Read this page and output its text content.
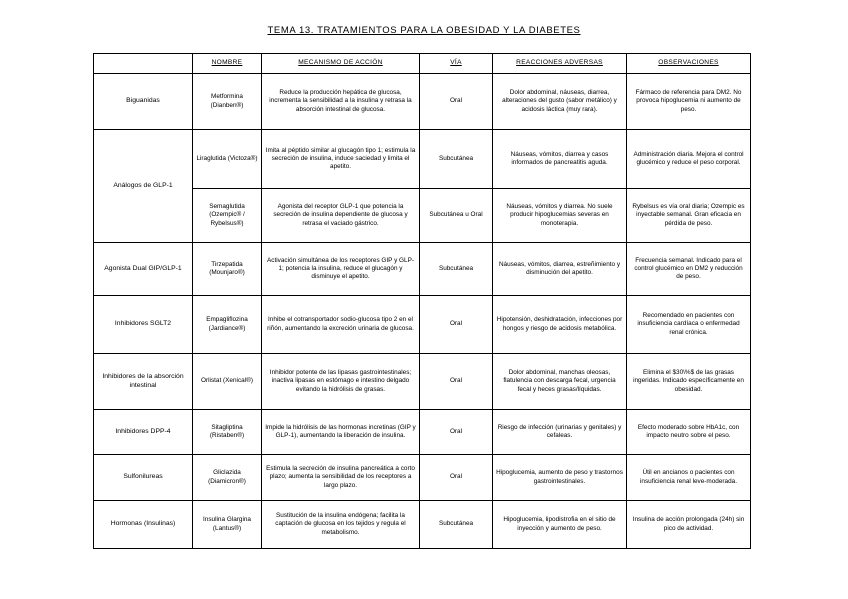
TEMA 13. TRATAMIENTOS PARA LA OBESIDAD Y LA DIABETES
	NOMBRE	MECANISMO DE ACCIÓN	VÍA	REACCIONES ADVERSAS	OBSERVACIONES
Biguanidas	Metformina (Dianben®)	Reduce la producción hepática de glucosa, incrementa la sensibilidad a la insulina y retrasa la absorción intestinal de glucosa.	Oral	Dolor abdominal, náuseas, diarrea, alteraciones del gusto (sabor metálico) y acidosis láctica (muy rara).	Fármaco de referencia para DM2. No provoca hipoglucemia ni aumento de peso.
Análogos de GLP-1	Liraglutida (Victoza®)	Imita al péptido similar al glucagón tipo 1; estimula la secreción de insulina, induce saciedad y limita el apetito.	Subcutánea	Náuseas, vómitos, diarrea y casos informados de pancreatitis aguda.	Administración diaria. Mejora el control glucémico y reduce el peso corporal.
	Semaglutida (Ozempic® / Rybelsus®)	Agonista del receptor GLP-1 que potencia la secreción de insulina dependiente de glucosa y retrasa el vaciado gástrico.	Subcutánea u Oral	Náuseas, vómitos y diarrea. No suele producir hipoglucemias severas en monoterapia.	Rybelsus es vía oral diaria; Ozempic es inyectable semanal. Gran eficacia en pérdida de peso.
Agonista Dual GIP/GLP-1	Tirzepatida (Mounjaro®)	Activación simultánea de los receptores GIP y GLP-1; potencia la insulina, reduce el glucagón y disminuye el apetito.	Subcutánea	Náuseas, vómitos, diarrea, estreñimiento y disminución del apetito.	Frecuencia semanal. Indicado para el control glucémico en DM2 y reducción de peso.
Inhibidores SGLT2	Empagliflozina (Jardiance®)	Inhibe el cotransportador sodio-glucosa tipo 2 en el riñón, aumentando la excreción urinaria de glucosa.	Oral	Hipotensión, deshidratación, infecciones por hongos y riesgo de acidosis metabólica.	Recomendado en pacientes con insuficiencia cardíaca o enfermedad renal crónica.
Inhibidores de la absorción intestinal	Orlistat (Xenical®)	Inhibidor potente de las lipasas gastrointestinales; inactiva lipasas en estómago e intestino delgado evitando la hidrólisis de grasas.	Oral	Dolor abdominal, manchas oleosas, flatulencia con descarga fecal, urgencia fecal y heces grasas/líquidas.	Elimina el $30\%$ de las grasas ingeridas. Indicado específicamente en obesidad.
Inhibidores DPP-4	Sitagliptina (Ristaben®)	Impide la hidrólisis de las hormonas incretinas (GIP y GLP-1), aumentando la liberación de insulina.	Oral	Riesgo de infección (urinarias y genitales) y cefaleas.	Efecto moderado sobre HbA1c, con impacto neutro sobre el peso.
Sulfonilureas	Gliclazida (Diamicron®)	Estimula la secreción de insulina pancreática a corto plazo; aumenta la sensibilidad de los receptores a largo plazo.	Oral	Hipoglucemia, aumento de peso y trastornos gastrointestinales.	Útil en ancianos o pacientes con insuficiencia renal leve-moderada.
Hormonas (Insulinas)	Insulina Glargina (Lantus®)	Sustitución de la insulina endógena; facilita la captación de glucosa en los tejidos y regula el metabolismo.	Subcutánea	Hipoglucemia, lipodistrofia en el sitio de inyección y aumento de peso.	Insulina de acción prolongada (24h) sin pico de actividad.
